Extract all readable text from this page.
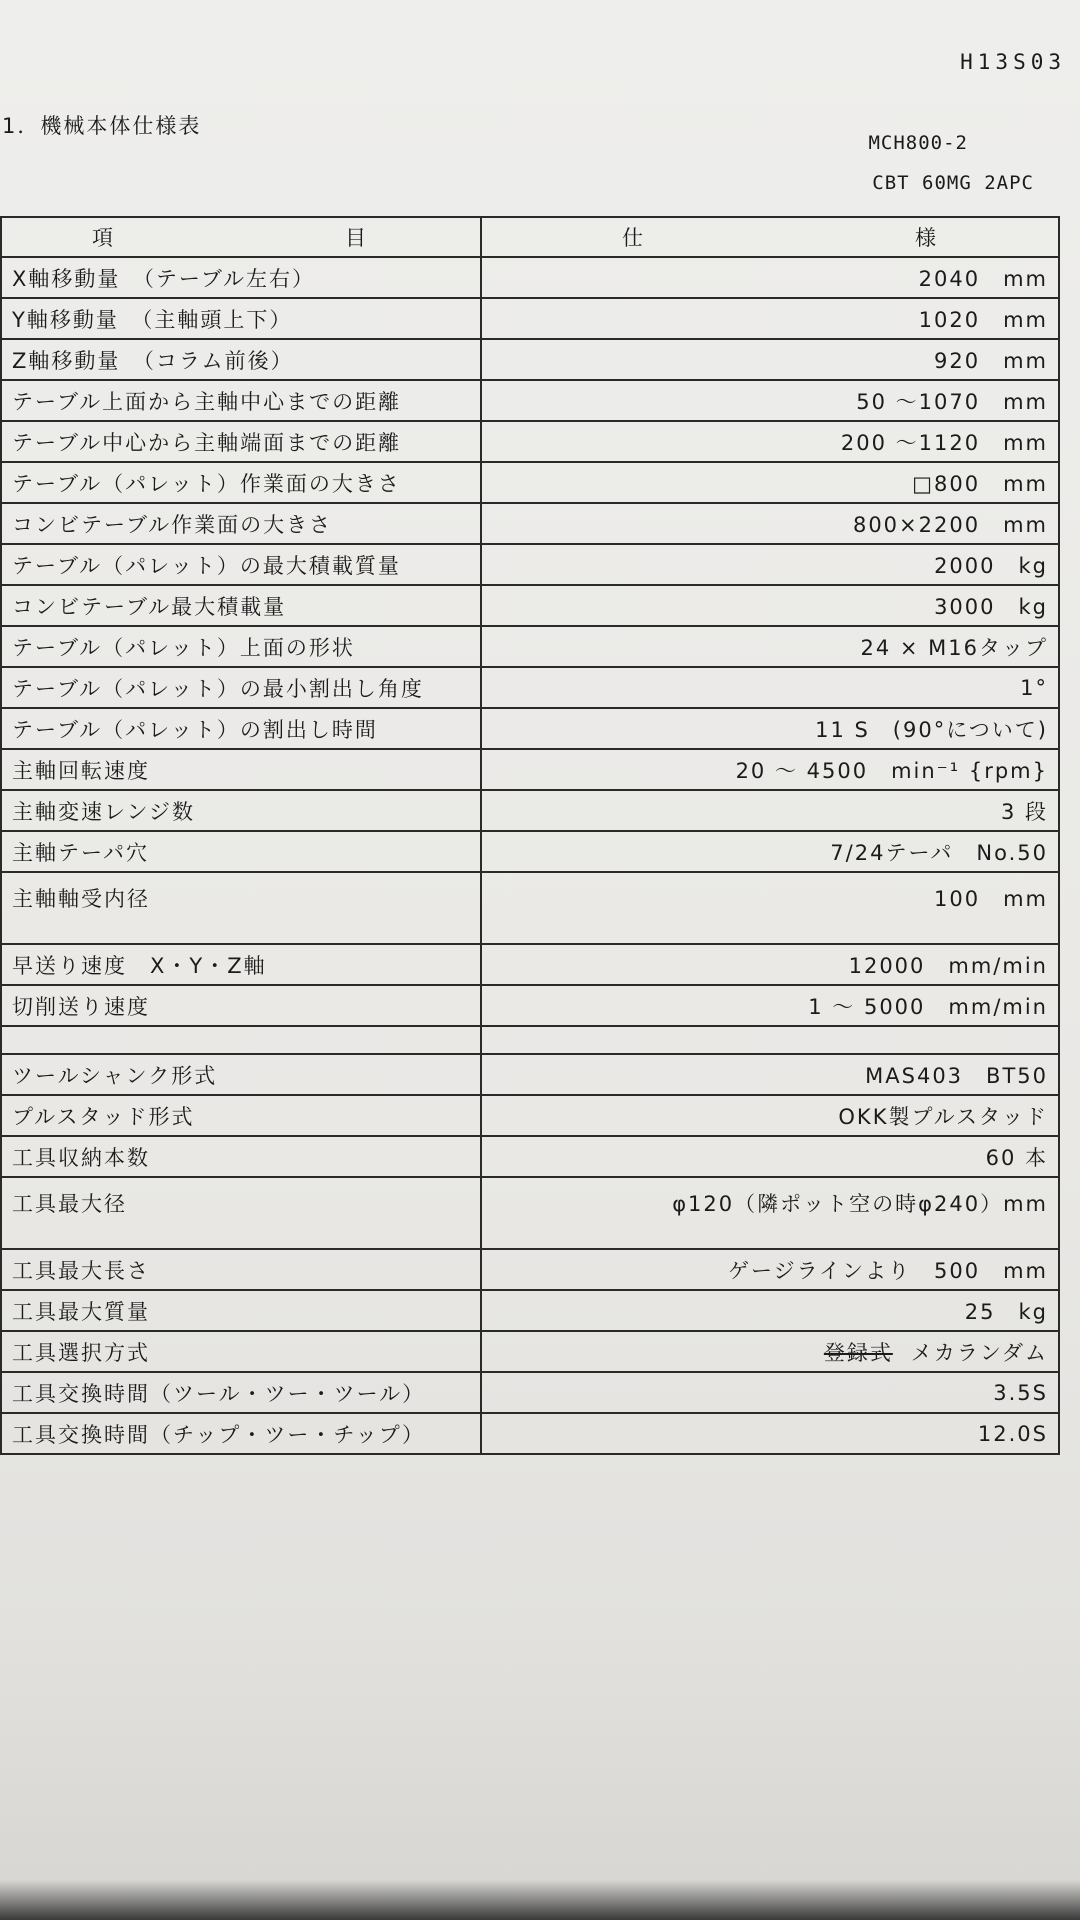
H13S03
1．機械本体仕様表
MCH800-2
CBT 60MG 2APC
項 目	仕 様
X軸移動量　（テーブル左右）	2040　mm
Y軸移動量　（主軸頭上下）	1020　mm
Z軸移動量　（コラム前後）	920　mm
テーブル上面から主軸中心までの距離	50 〜1070　mm
テーブル中心から主軸端面までの距離	200 〜1120　mm
テーブル（パレット）作業面の大きさ	□800　mm
コンビテーブル作業面の大きさ	800×2200　mm
テーブル（パレット）の最大積載質量	2000　kg
コンビテーブル最大積載量	3000　kg
テーブル（パレット）上面の形状	24 × M16タップ
テーブル（パレット）の最小割出し角度	1°
テーブル（パレット）の割出し時間	11 S　(90°について)
主軸回転速度	20 〜 4500　min⁻¹ {rpm}
主軸変速レンジ数	3 段
主軸テーパ穴	7/24テーパ　No.50
主軸軸受内径	100　mm
早送り速度　X・Y・Z軸	12000　mm/min
切削送り速度	1 〜 5000　mm/min

ツールシャンク形式	MAS403　BT50
プルスタッド形式	OKK製プルスタッド
工具収納本数	60 本
工具最大径	φ120（隣ポット空の時φ240）mm
工具最大長さ	ゲージラインより　500　mm
工具最大質量	25　kg
工具選択方式	登録式 メカランダム
工具交換時間（ツール・ツー・ツール）	3.5S
工具交換時間（チップ・ツー・チップ）	12.0S
